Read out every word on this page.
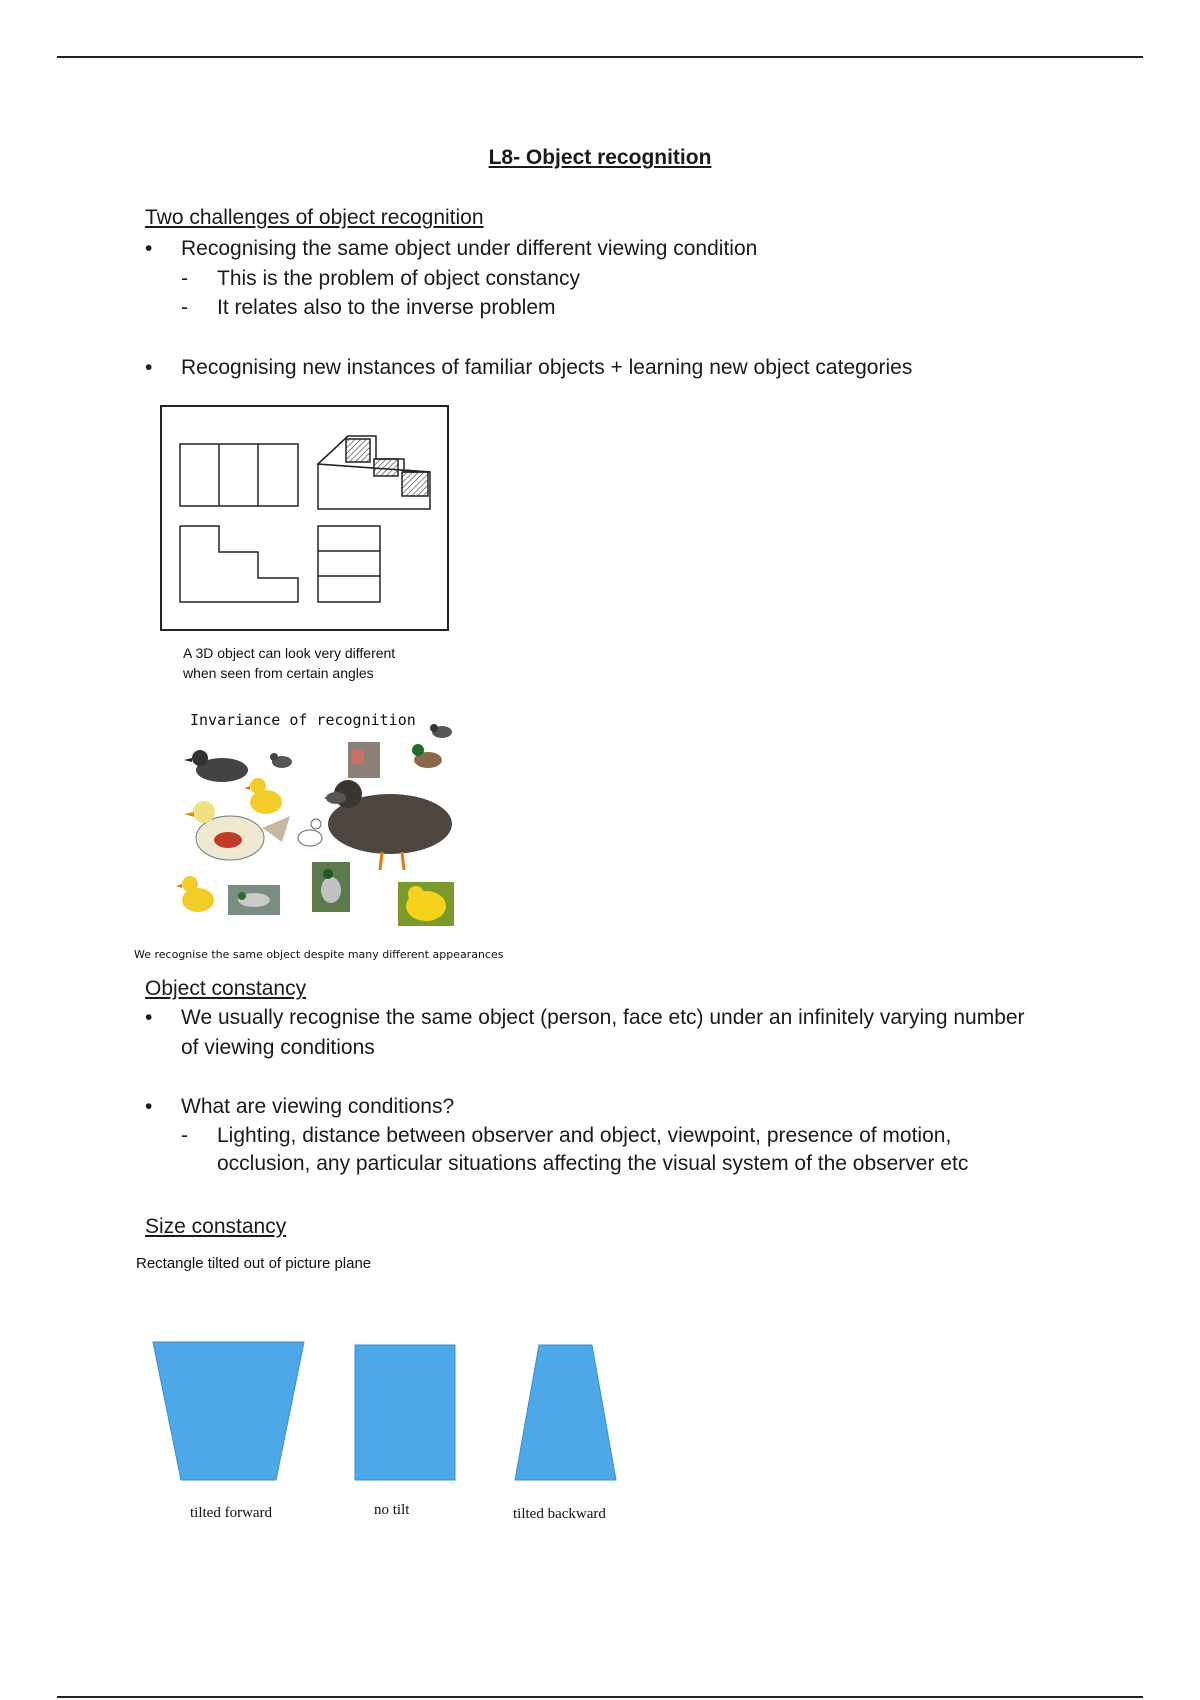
L8- Object recognition
Two challenges of object recognition
•	Recognising the same object under different viewing condition
-	This is the problem of object constancy
-	It relates also to the inverse problem
•	Recognising new instances of familiar objects + learning new object categories
A 3D object can look very different
when seen from certain angles
Invariance of recognition
We recognise the same object despite many different appearances
Object constancy
•	We usually recognise the same object (person, face etc) under an infinitely varying number of viewing conditions
•	What are viewing conditions?
-	Lighting, distance between observer and object, viewpoint, presence of motion, occlusion, any particular situations affecting the visual system of the observer etc
Size constancy
Rectangle tilted out of picture plane
tilted forward	no tilt	tilted backward
